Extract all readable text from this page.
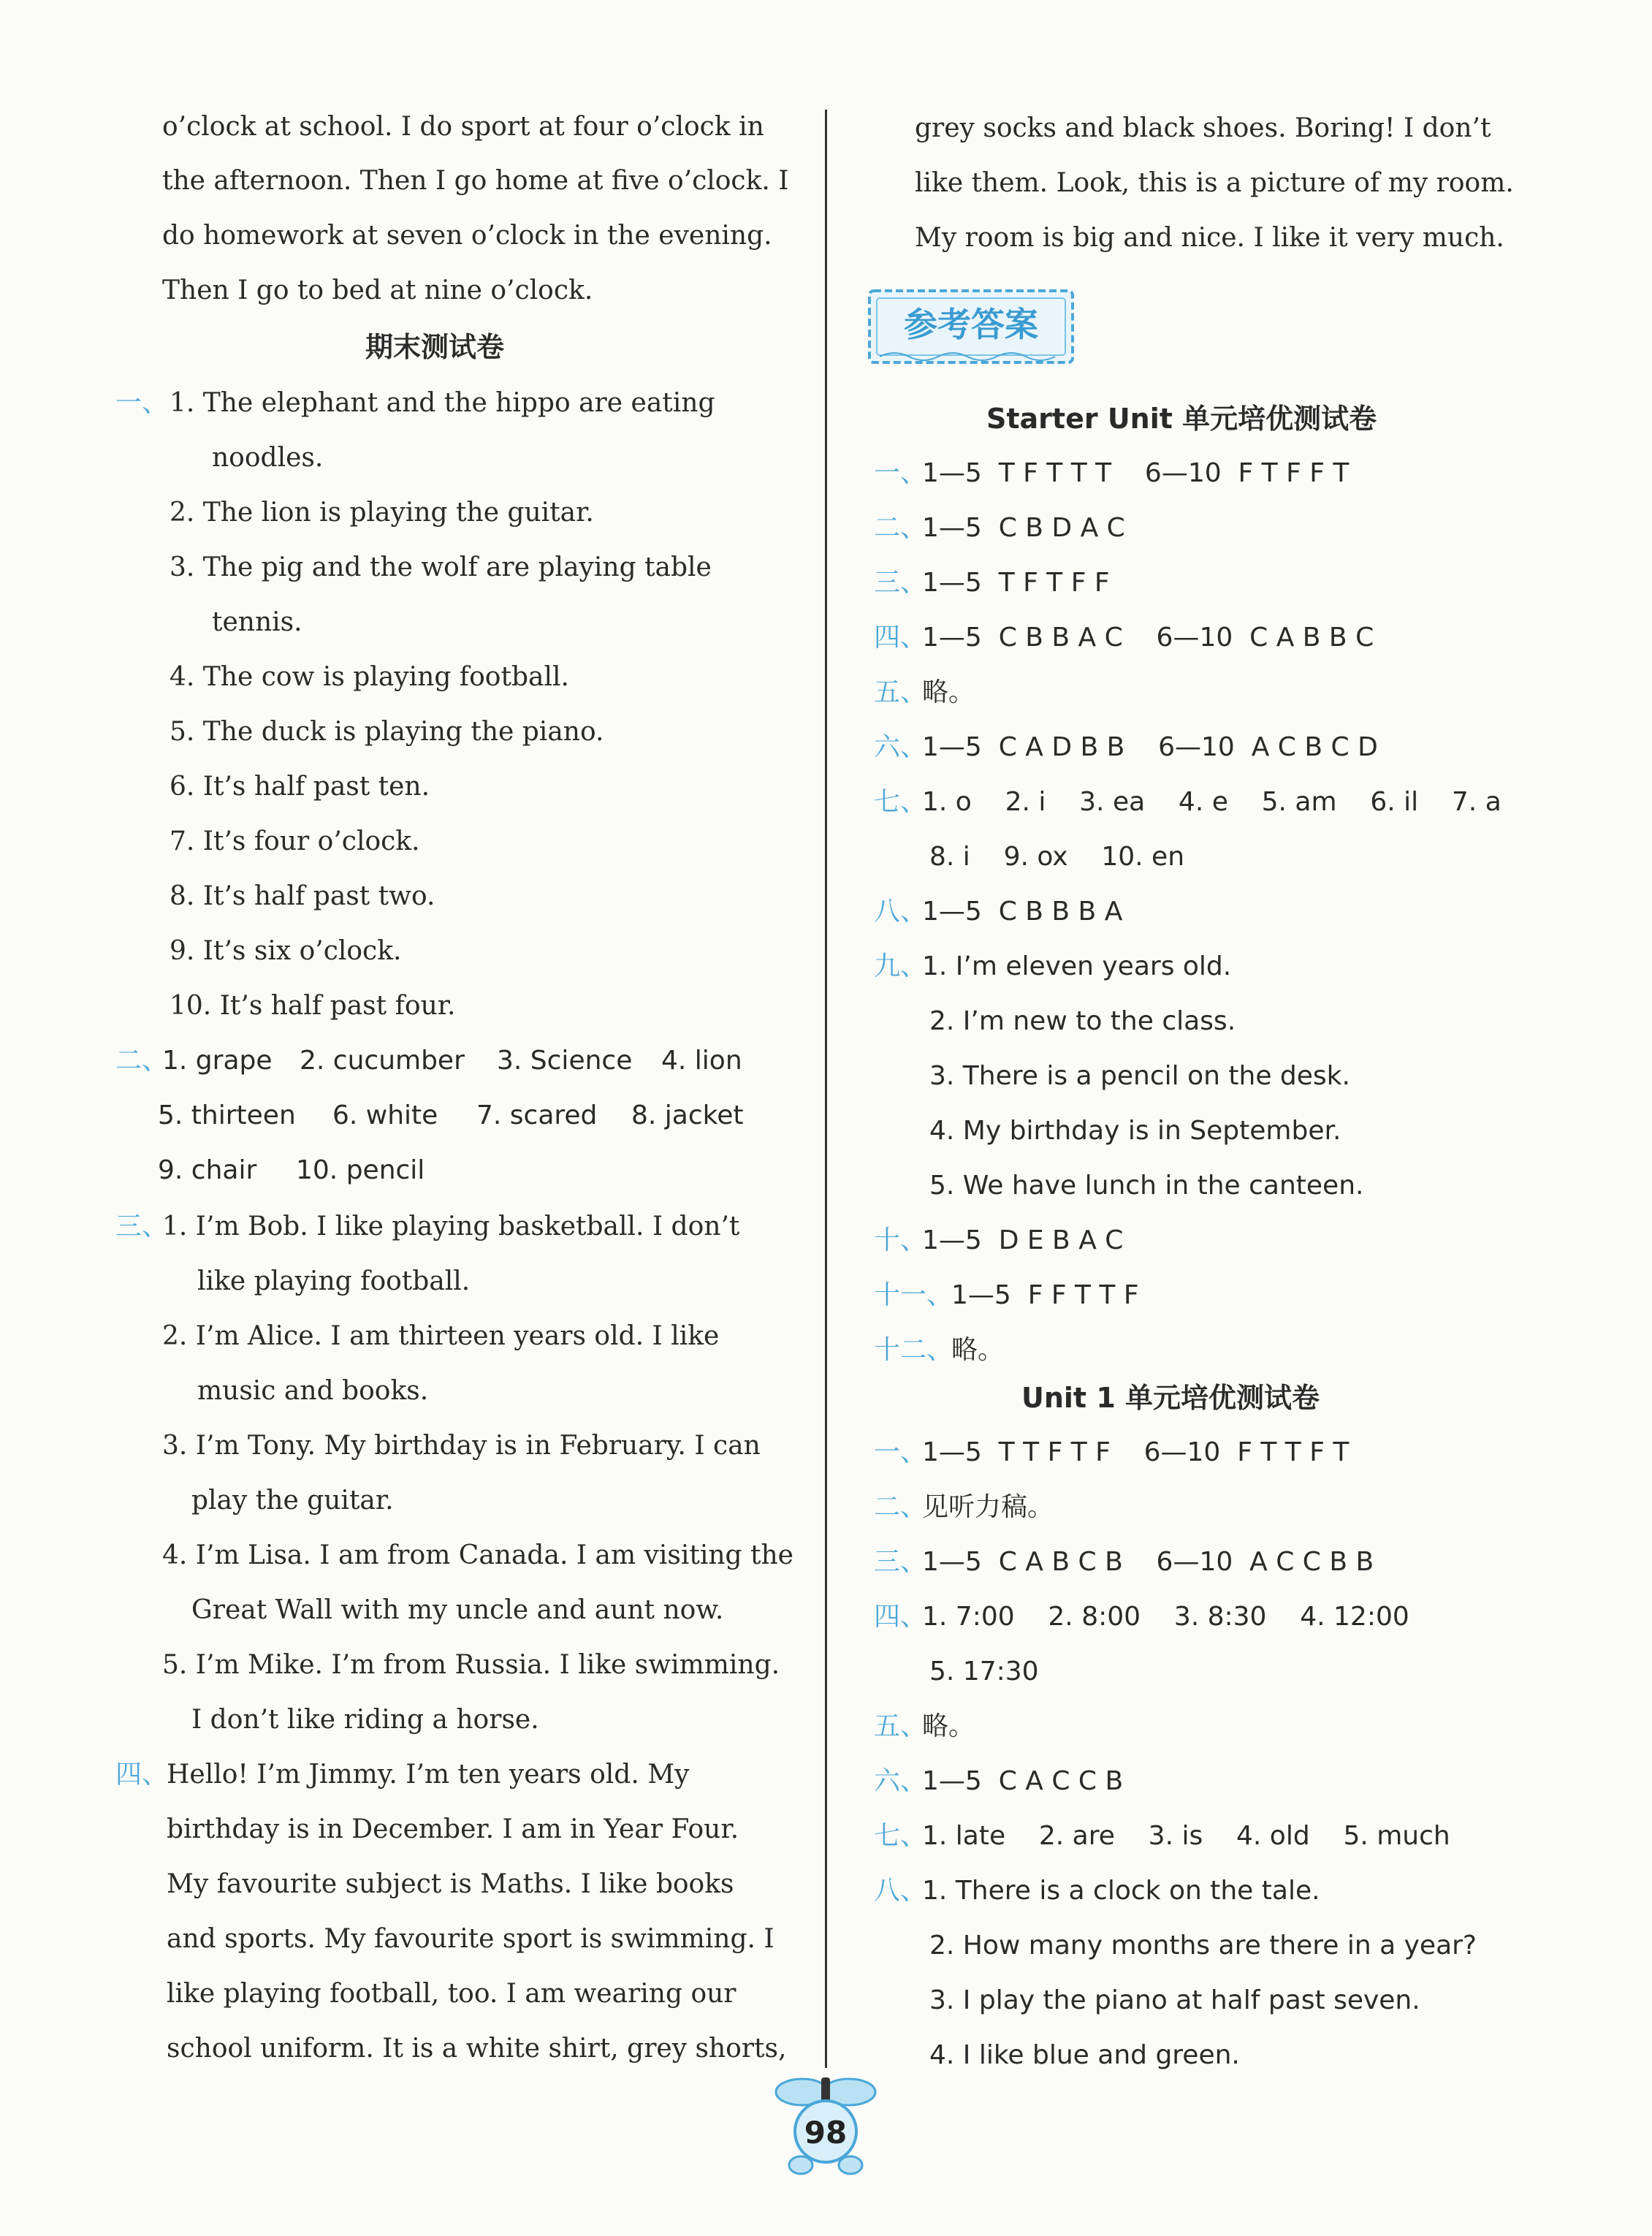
o’clock at school. I do sport at four o’clock in
the afternoon. Then I go home at five o’clock. I
do homework at seven o’clock in the evening.
Then I go to bed at nine o’clock.
期末测试卷
一、 1. The elephant and the hippo are eating
noodles.
2. The lion is playing the guitar.
3. The pig and the wolf are playing table
tennis.
4. The cow is playing football.
5. The duck is playing the piano.
6. It’s half past ten.
7. It’s four o’clock.
8. It’s half past two.
9. It’s six o’clock.
10. It’s half past four.
二、
1. grape 2. cucumber 3. Science 4. lion
5. thirteen 6. white 7. scared 8. jacket
9. chair 10. pencil
三、
1. I’m Bob. I like playing basketball. I don’t
like playing football.
2. I’m Alice. I am thirteen years old. I like
music and books.
3. I’m Tony. My birthday is in February. I can
play the guitar.
4. I’m Lisa. I am from Canada. I am visiting the
Great Wall with my uncle and aunt now.
5. I’m Mike. I’m from Russia. I like swimming.
I don’t like riding a horse.
四、
Hello! I’m Jimmy. I’m ten years old. My
birthday is in December. I am in Year Four.
My favourite subject is Maths. I like books
and sports. My favourite sport is swimming. I
like playing football, too. I am wearing our
school uniform. It is a white shirt, grey shorts,
grey socks and black shoes. Boring! I don’t
like them. Look, this is a picture of my room.
My room is big and nice. I like it very much.
参考答案
Starter Unit 单元培优测试卷
一、
1—5  T F T T T    6—10  F T F F T
二、
1—5  C B D A C
三、
1—5  T F T F F
四、
1—5  C B B A C    6—10  C A B B C
五、
略。
六、
1—5  C A D B B    6—10  A C B C D
七、
1. o    2. i    3. ea    4. e    5. am    6. il    7. a
8. i    9. ox    10. en
八、
1—5  C B B B A
九、
1. I’m eleven years old.
2. I’m new to the class.
3. There is a pencil on the desk.
4. My birthday is in September.
5. We have lunch in the canteen.
十、
1—5  D E B A C
十一、
1—5  F F T T F
十二、
略。
Unit 1 单元培优测试卷
一、
1—5  T T F T F    6—10  F T T F T
二、
见听力稿。
三、
1—5  C A B C B    6—10  A C C B B
四、
1. 7:00    2. 8:00    3. 8:30    4. 12:00
5. 17:30
五、
略。
六、
1—5  C A C C B
七、
1. late    2. are    3. is    4. old    5. much
八、
1. There is a clock on the tale.
2. How many months are there in a year?
3. I play the piano at half past seven.
4. I like blue and green.
98
